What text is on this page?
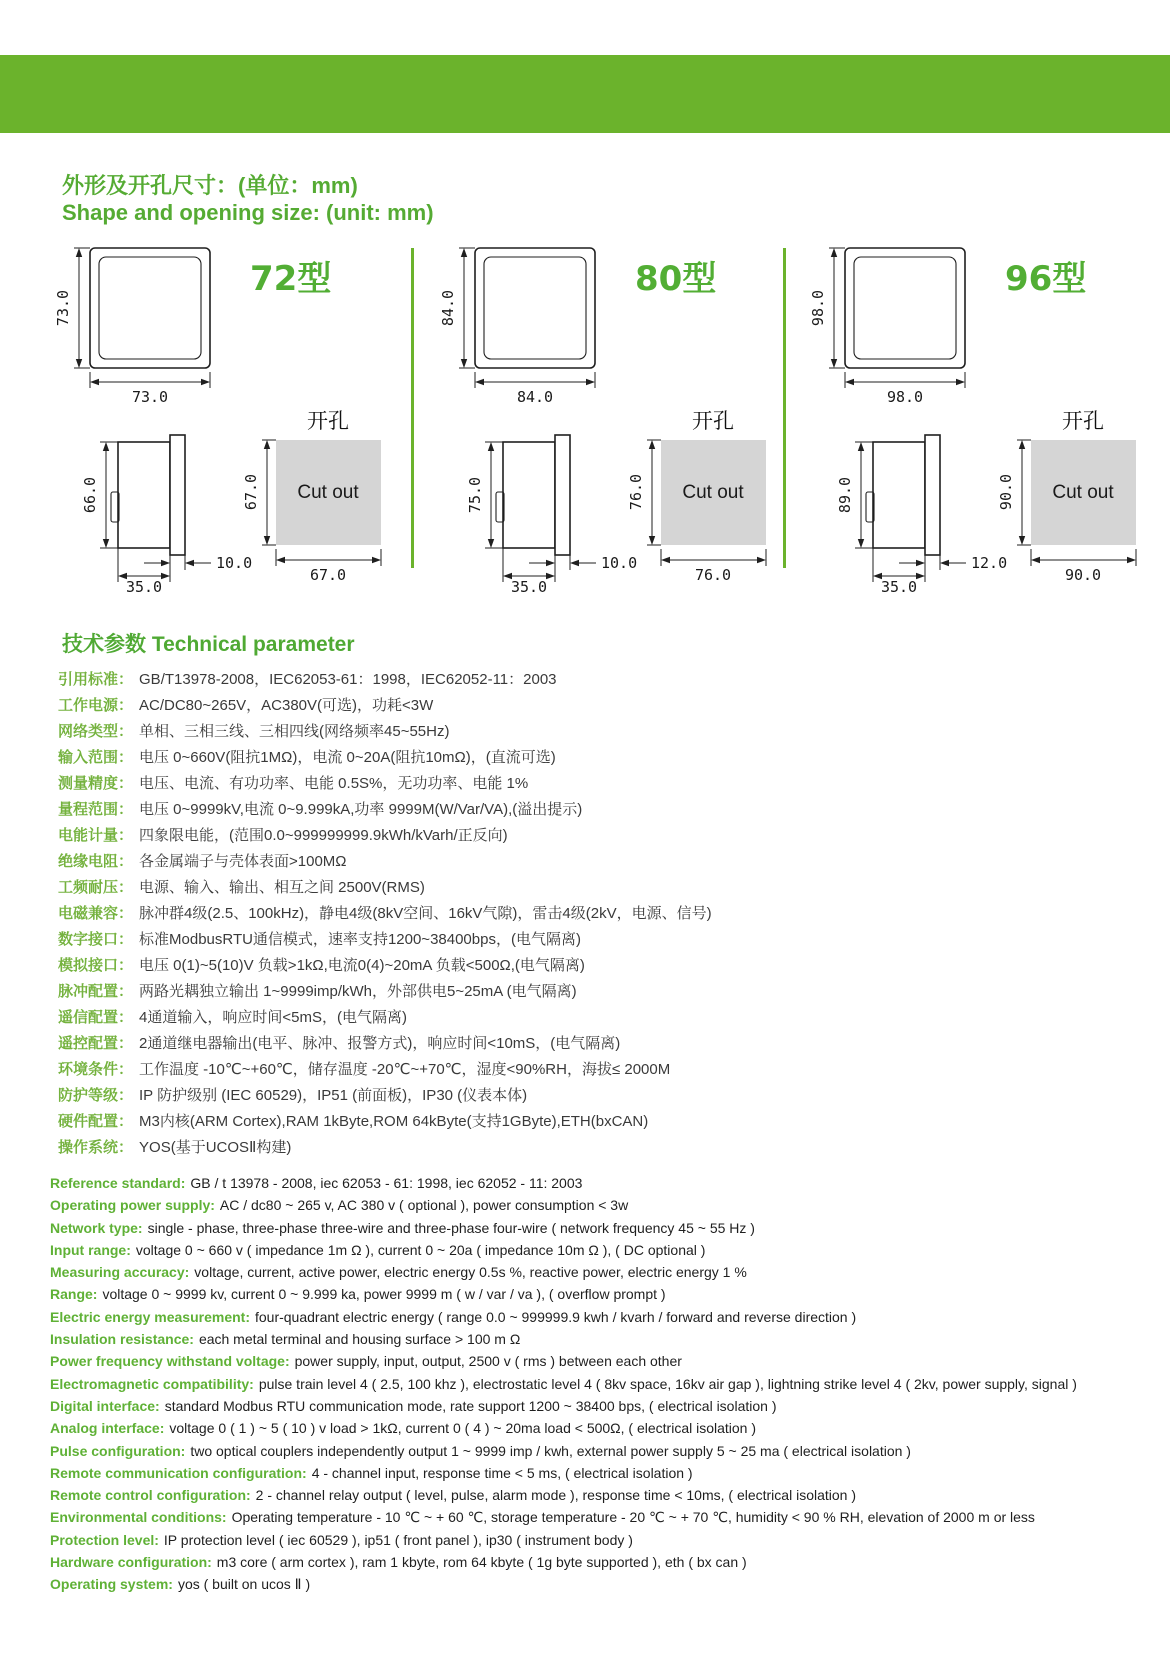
外形及开孔尺寸：(单位：mm)
Shape and opening size: (unit: mm)
73.0
73.0
72型
66.0
10.0
35.0
开孔
Cut out
67.0
67.0
84.0
84.0
80型
75.0
10.0
35.0
开孔
Cut out
76.0
76.0
98.0
98.0
96型
89.0
12.0
35.0
开孔
Cut out
90.0
90.0
技术参数 Technical parameter
引用标准： GB/T13978-2008，IEC62053-61：1998，IEC62052-11：2003
工作电源： AC/DC80~265V，AC380V(可选)，功耗<3W
网络类型： 单相、三相三线、三相四线(网络频率45~55Hz)
输入范围： 电压 0~660V(阻抗1MΩ)，电流 0~20A(阻抗10mΩ)，(直流可选)
测量精度： 电压、电流、有功功率、电能 0.5S%，无功功率、电能 1%
量程范围： 电压 0~9999kV,电流 0~9.999kA,功率 9999M(W/Var/VA),(溢出提示)
电能计量： 四象限电能，(范围0.0~999999999.9kWh/kVarh/正反向)
绝缘电阻： 各金属端子与壳体表面>100MΩ
工频耐压： 电源、输入、输出、相互之间 2500V(RMS)
电磁兼容： 脉冲群4级(2.5、100kHz)，静电4级(8kV空间、16kV气隙)，雷击4级(2kV，电源、信号)
数字接口： 标准ModbusRTU通信模式，速率支持1200~38400bps，(电气隔离)
模拟接口： 电压 0(1)~5(10)V 负载>1kΩ,电流0(4)~20mA 负载<500Ω,(电气隔离)
脉冲配置： 两路光耦独立输出 1~9999imp/kWh，外部供电5~25mA (电气隔离)
遥信配置： 4通道输入，响应时间<5mS，(电气隔离)
遥控配置： 2通道继电器输出(电平、脉冲、报警方式)，响应时间<10mS，(电气隔离)
环境条件： 工作温度 -10℃~+60℃，储存温度 -20℃~+70℃，湿度<90%RH，海拔≤ 2000M
防护等级： IP 防护级别 (IEC 60529)，IP51 (前面板)，IP30 (仪表本体)
硬件配置： M3内核(ARM Cortex),RAM 1kByte,ROM 64kByte(支持1GByte),ETH(bxCAN)
操作系统： YOS(基于UCOSⅡ构建)
Reference standard: GB / t 13978 - 2008, iec 62053 - 61: 1998, iec 62052 - 11: 2003
Operating power supply: AC / dc80 ~ 265 v, AC 380 v ( optional ), power consumption < 3w
Network type: single - phase, three-phase three-wire and three-phase four-wire ( network frequency 45 ~ 55 Hz )
Input range: voltage 0 ~ 660 v ( impedance 1m Ω ), current 0 ~ 20a ( impedance 10m Ω ), ( DC optional )
Measuring accuracy: voltage, current, active power, electric energy 0.5s %, reactive power, electric energy 1 %
Range: voltage 0 ~ 9999 kv, current 0 ~ 9.999 ka, power 9999 m ( w / var / va ), ( overflow prompt )
Electric energy measurement: four-quadrant electric energy ( range 0.0 ~ 999999.9 kwh / kvarh / forward and reverse direction )
Insulation resistance: each metal terminal and housing surface > 100 m Ω
Power frequency withstand voltage: power supply, input, output, 2500 v ( rms ) between each other
Electromagnetic compatibility: pulse train level 4 ( 2.5, 100 khz ), electrostatic level 4 ( 8kv space, 16kv air gap ), lightning strike level 4 ( 2kv, power supply, signal )
Digital interface: standard Modbus RTU communication mode, rate support 1200 ~ 38400 bps, ( electrical isolation )
Analog interface: voltage 0 ( 1 ) ~ 5 ( 10 ) v load > 1kΩ, current 0 ( 4 ) ~ 20ma load < 500Ω, ( electrical isolation )
Pulse configuration: two optical couplers independently output 1 ~ 9999 imp / kwh, external power supply 5 ~ 25 ma ( electrical isolation )
Remote communication configuration: 4 - channel input, response time < 5 ms, ( electrical isolation )
Remote control configuration: 2 - channel relay output ( level, pulse, alarm mode ), response time < 10ms, ( electrical isolation )
Environmental conditions: Operating temperature - 10 ℃ ~ + 60 ℃, storage temperature - 20 ℃ ~ + 70 ℃, humidity < 90 % RH, elevation of 2000 m or less
Protection level: IP protection level ( iec 60529 ), ip51 ( front panel ), ip30 ( instrument body )
Hardware configuration: m3 core ( arm cortex ), ram 1 kbyte, rom 64 kbyte ( 1g byte supported ), eth ( bx can )
Operating system: yos ( built on ucos Ⅱ )
